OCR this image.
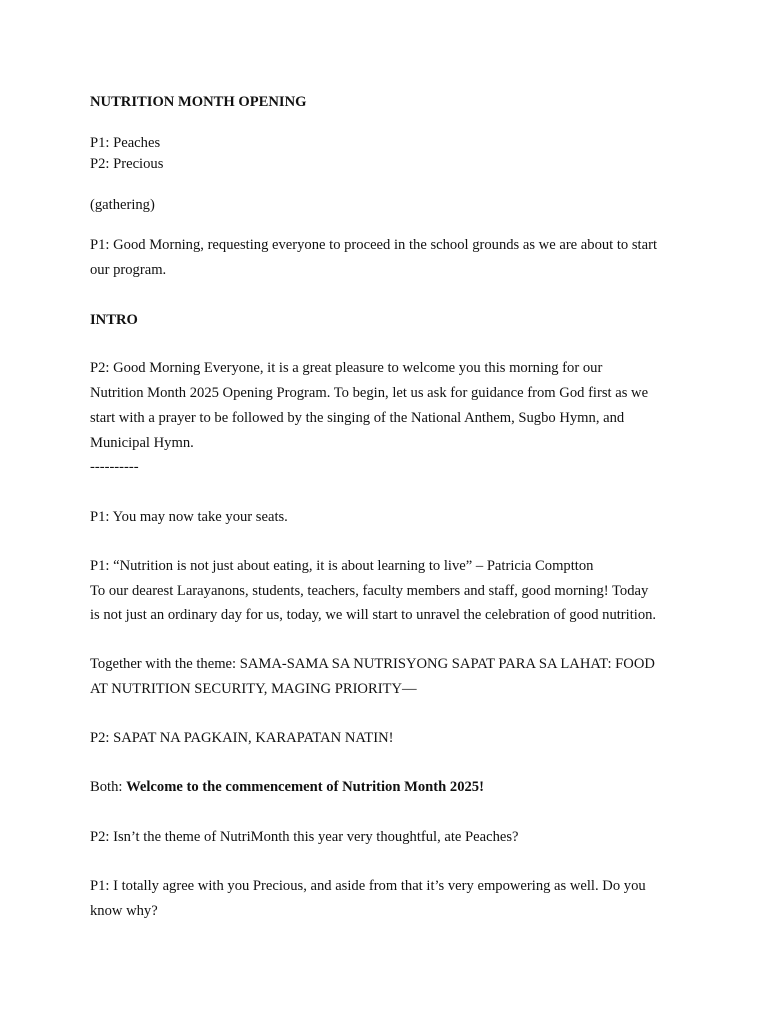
NUTRITION MONTH OPENING

P1: Peaches

P2: Precious

(gathering)

P1: Good Morning, requesting everyone to proceed in the school grounds as we are about to start

our program.

INTRO

P2: Good Morning Everyone, it is a great pleasure to welcome you this morning for our

Nutrition Month 2025 Opening Program. To begin, let us ask for guidance from God first as we

start with a prayer to be followed by the singing of the National Anthem, Sugbo Hymn, and

Municipal Hymn.

----------

P1: You may now take your seats.

P1: “Nutrition is not just about eating, it is about learning to live” – Patricia Comptton

To our dearest Larayanons, students, teachers, faculty members and staff, good morning! Today

is not just an ordinary day for us, today, we will start to unravel the celebration of good nutrition.

Together with the theme: SAMA-SAMA SA NUTRISYONG SAPAT PARA SA LAHAT: FOOD

AT NUTRITION SECURITY, MAGING PRIORITY—

P2: SAPAT NA PAGKAIN, KARAPATAN NATIN!

Both: Welcome to the commencement of Nutrition Month 2025!

P2: Isn’t the theme of NutriMonth this year very thoughtful, ate Peaches?

P1: I totally agree with you Precious, and aside from that it’s very empowering as well. Do you

know why?
